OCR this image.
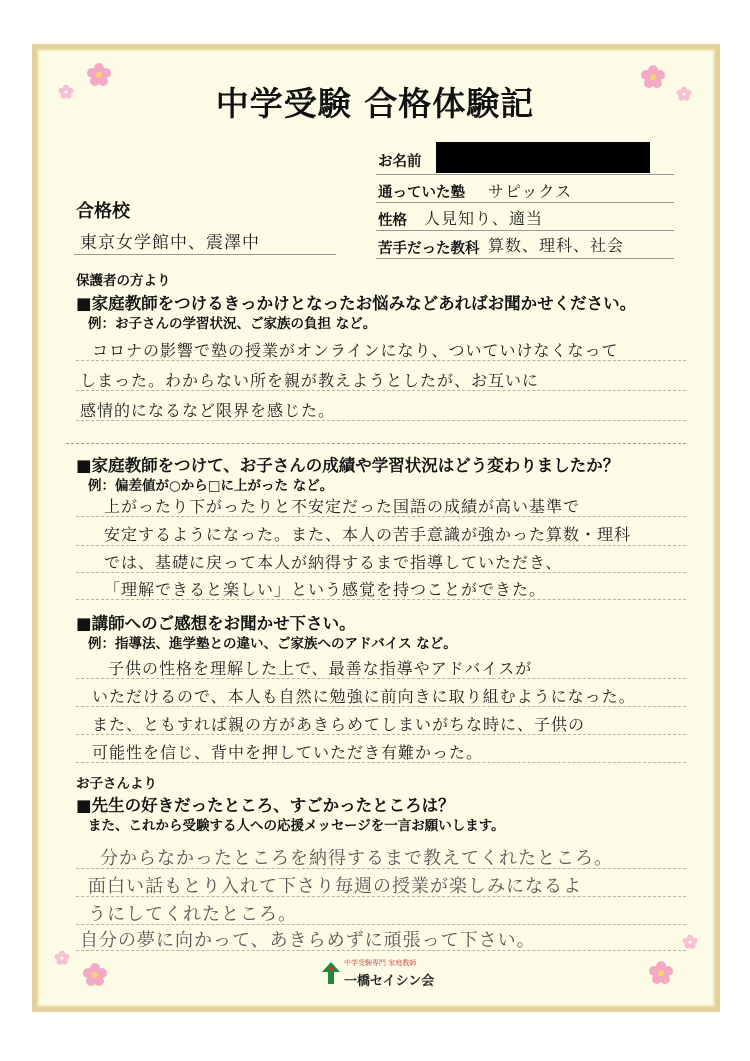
中学受験 合格体験記
お名前
通っていた塾 サピックス
性格 人見知り、適当
苦手だった教科 算数、理科、社会
合格校
東京女学館中、震澤中
保護者の方より
■家庭教師をつけるきっかけとなったお悩みなどあればお聞かせください。
例：お子さんの学習状況、ご家族の負担 など。
コロナの影響で塾の授業がオンラインになり、ついていけなくなって
しまった。わからない所を親が教えようとしたが、お互いに
感情的になるなど限界を感じた。
■家庭教師をつけて、お子さんの成績や学習状況はどう変わりましたか？
例：偏差値が○から□に上がった など。
上がったり下がったりと不安定だった国語の成績が高い基準で
安定するようになった。また、本人の苦手意識が強かった算数・理科
では、基礎に戻って本人が納得するまで指導していただき、
「理解できると楽しい」という感覚を持つことができた。
■講師へのご感想をお聞かせ下さい。
例：指導法、進学塾との違い、ご家族へのアドバイス など。
子供の性格を理解した上で、最善な指導やアドバイスが
いただけるので、本人も自然に勉強に前向きに取り組むようになった。
また、ともすれば親の方があきらめてしまいがちな時に、子供の
可能性を信じ、背中を押していただき有難かった。
お子さんより
■先生の好きだったところ、すごかったところは？
また、これから受験する人への応援メッセージを一言お願いします。
分からなかったところを納得するまで教えてくれたところ。
面白い話もとり入れて下さり毎週の授業が楽しみになるよ
うにしてくれたところ。
自分の夢に向かって、あきらめずに頑張って下さい。
中学受験専門 家庭教師
一橋セイシン会
